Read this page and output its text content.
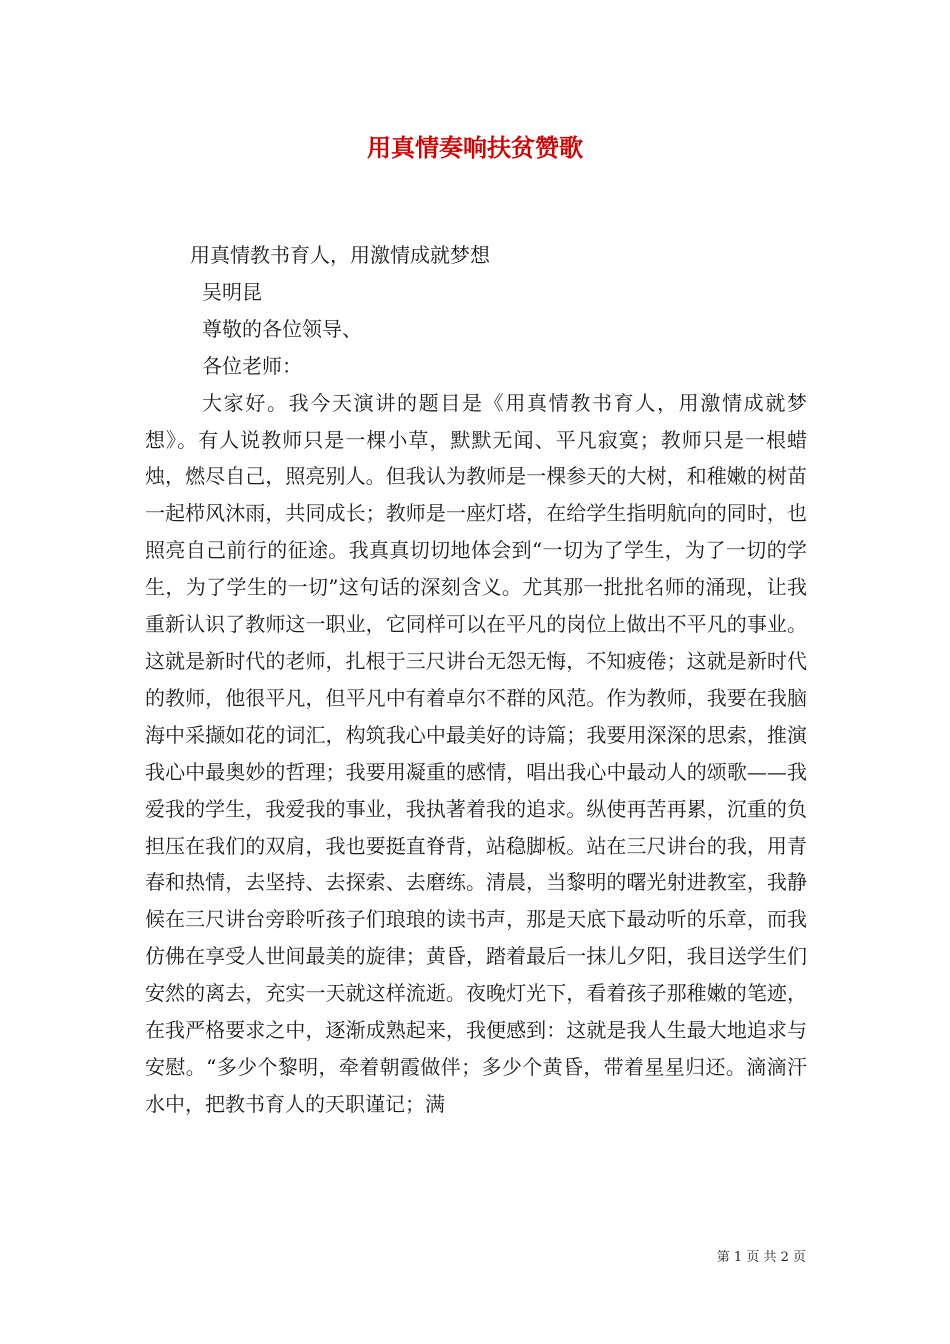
用真情奏响扶贫赞歌

用真情教书育人，用激情成就梦想

吴明昆

尊敬的各位领导、

各位老师：

大家好。我今天演讲的题目是《用真情教书育人，用激情成就梦想》。有人说教师只是一棵小草，默默无闻、平凡寂寞；教师只是一根蜡烛，燃尽自己，照亮别人。但我认为教师是一棵参天的大树，和稚嫩的树苗一起栉风沐雨，共同成长；教师是一座灯塔，在给学生指明航向的同时，也照亮自己前行的征途。我真真切切地体会到“一切为了学生，为了一切的学生，为了学生的一切”这句话的深刻含义。尤其那一批批名师的涌现，让我重新认识了教师这一职业，它同样可以在平凡的岗位上做出不平凡的事业。这就是新时代的老师，扎根于三尺讲台无怨无悔，不知疲倦；这就是新时代的教师，他很平凡，但平凡中有着卓尔不群的风范。作为教师，我要在我脑海中采撷如花的词汇，构筑我心中最美好的诗篇；我要用深深的思索，推演我心中最奥妙的哲理；我要用凝重的感情，唱出我心中最动人的颂歌——我爱我的学生，我爱我的事业，我执著着我的追求。纵使再苦再累，沉重的负担压在我们的双肩，我也要挺直脊背，站稳脚板。站在三尺讲台的我，用青春和热情，去坚持、去探索、去磨练。清晨，当黎明的曙光射进教室，我静候在三尺讲台旁聆听孩子们琅琅的读书声，那是天底下最动听的乐章，而我仿佛在享受人世间最美的旋律；黄昏，踏着最后一抹儿夕阳，我目送学生们安然的离去，充实一天就这样流逝。夜晚灯光下，看着孩子那稚嫩的笔迹，在我严格要求之中，逐渐成熟起来，我便感到：这就是我人生最大地追求与安慰。“多少个黎明，牵着朝霞做伴；多少个黄昏，带着星星归还。滴滴汗水中，把教书育人的天职谨记；满

第 1 页 共 2 页
